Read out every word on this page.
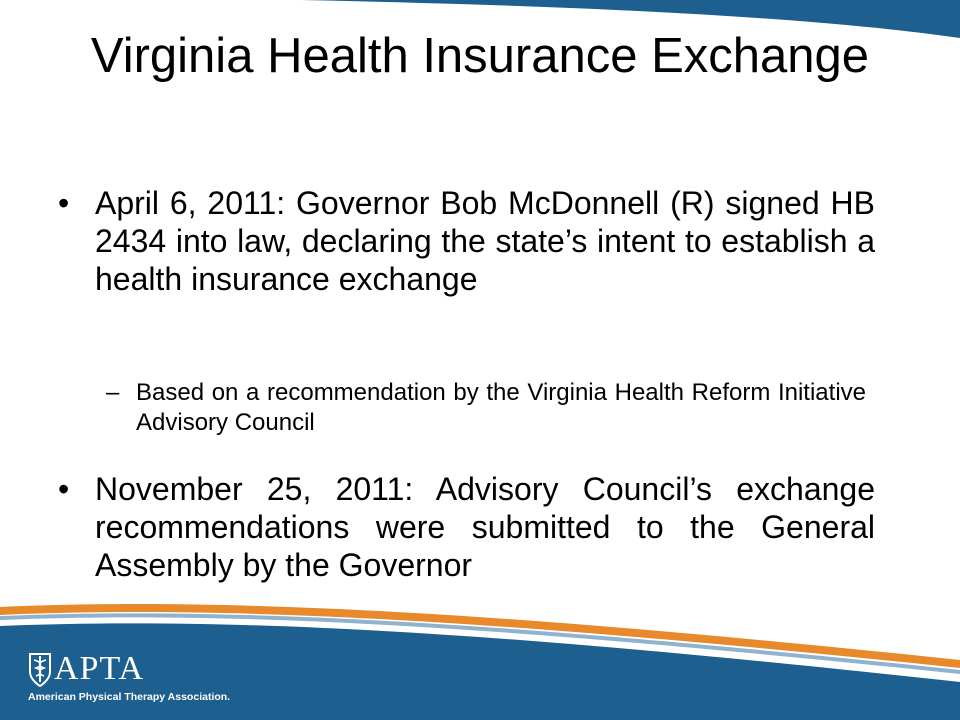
Virginia Health Insurance Exchange
• April 6, 2011: Governor Bob McDonnell (R) signed HB 2434 into law, declaring the state’s intent to establish a health insurance exchange
– Based on a recommendation by the Virginia Health Reform Initiative Advisory Council
• November 25, 2011: Advisory Council’s exchange recommendations were submitted to the General Assembly by the Governor
APTA
American Physical Therapy Association.
